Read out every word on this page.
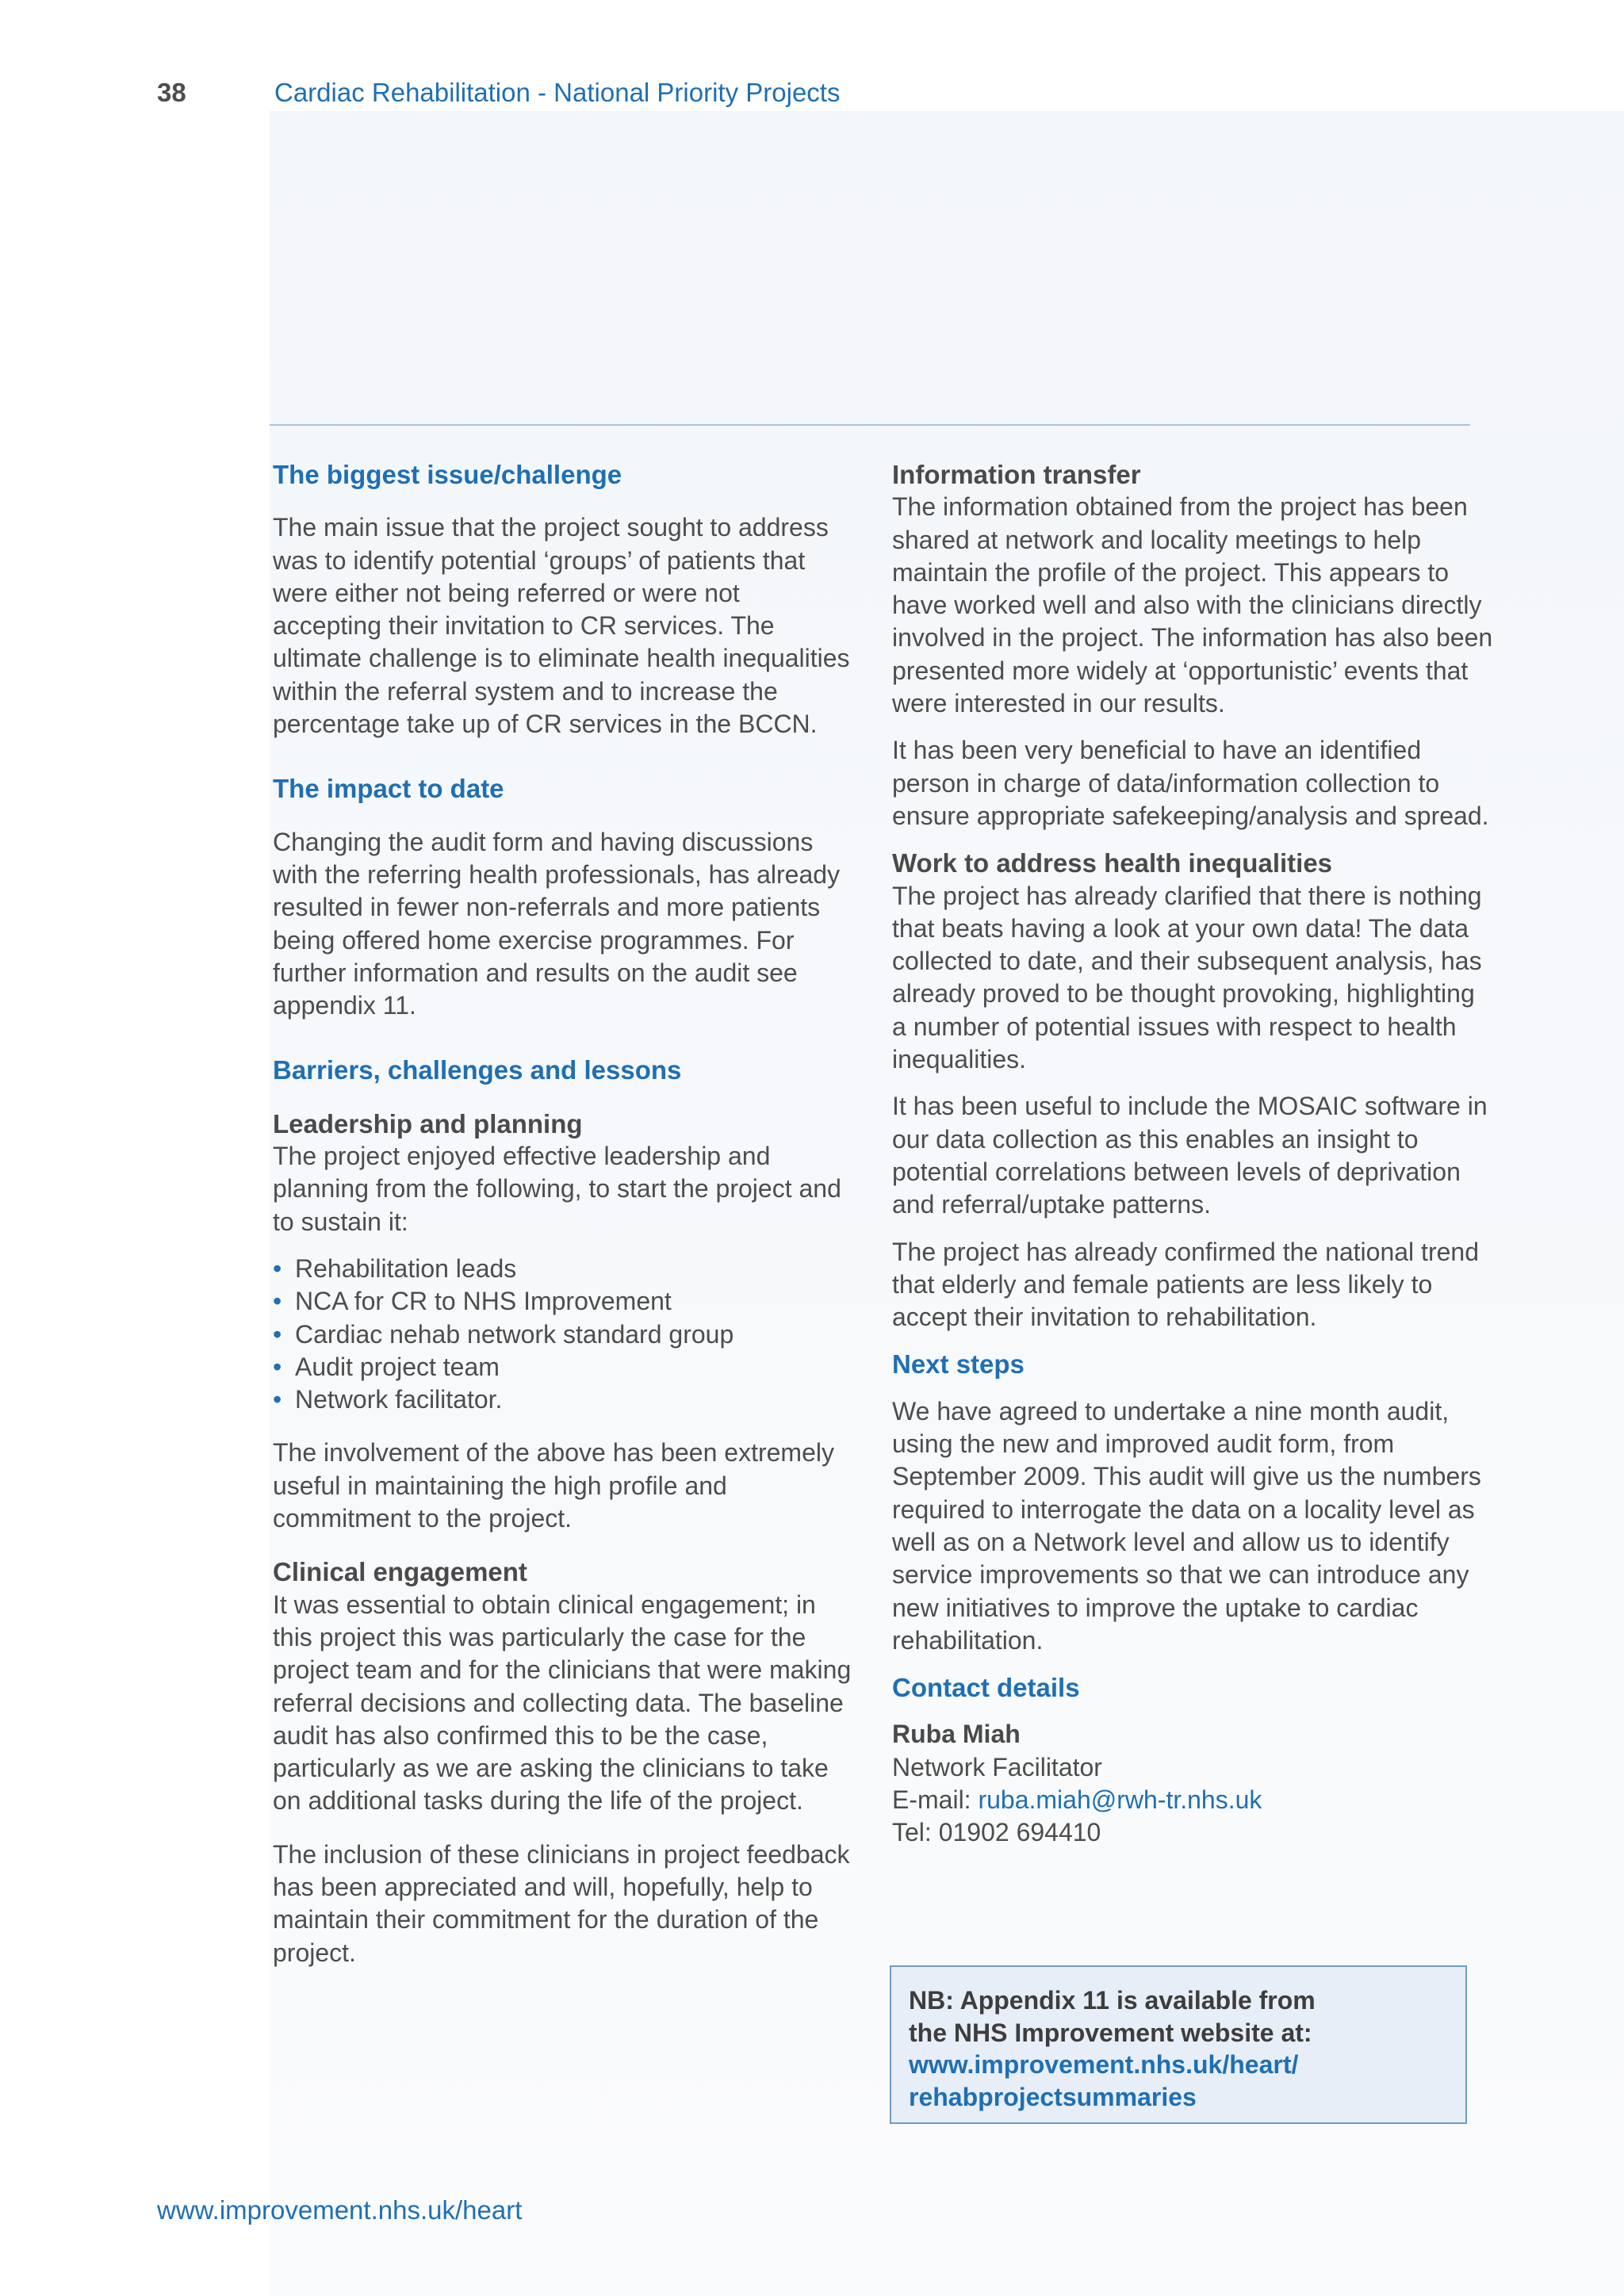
38	Cardiac Rehabilitation - National Priority Projects

The biggest issue/challenge

The main issue that the project sought to address was to identify potential ‘groups’ of patients that were either not being referred or were not accepting their invitation to CR services. The ultimate challenge is to eliminate health inequalities within the referral system and to increase the percentage take up of CR services in the BCCN.

The impact to date

Changing the audit form and having discussions with the referring health professionals, has already resulted in fewer non-referrals and more patients being offered home exercise programmes. For further information and results on the audit see appendix 11.

Barriers, challenges and lessons

Leadership and planning

The project enjoyed effective leadership and planning from the following, to start the project and to sustain it:

• Rehabilitation leads
• NCA for CR to NHS Improvement
• Cardiac nehab network standard group
• Audit project team
• Network facilitator.

The involvement of the above has been extremely useful in maintaining the high profile and commitment to the project.

Clinical engagement

It was essential to obtain clinical engagement; in this project this was particularly the case for the project team and for the clinicians that were making referral decisions and collecting data. The baseline audit has also confirmed this to be the case, particularly as we are asking the clinicians to take on additional tasks during the life of the project.

The inclusion of these clinicians in project feedback has been appreciated and will, hopefully, help to maintain their commitment for the duration of the project.

Information transfer

The information obtained from the project has been shared at network and locality meetings to help maintain the profile of the project. This appears to have worked well and also with the clinicians directly involved in the project. The information has also been presented more widely at ‘opportunistic’ events that were interested in our results.

It has been very beneficial to have an identified person in charge of data/information collection to ensure appropriate safekeeping/analysis and spread.

Work to address health inequalities

The project has already clarified that there is nothing that beats having a look at your own data! The data collected to date, and their subsequent analysis, has already proved to be thought provoking, highlighting a number of potential issues with respect to health inequalities.

It has been useful to include the MOSAIC software in our data collection as this enables an insight to potential correlations between levels of deprivation and referral/uptake patterns.

The project has already confirmed the national trend that elderly and female patients are less likely to accept their invitation to rehabilitation.

Next steps

We have agreed to undertake a nine month audit, using the new and improved audit form, from September 2009. This audit will give us the numbers required to interrogate the data on a locality level as well as on a Network level and allow us to identify service improvements so that we can introduce any new initiatives to improve the uptake to cardiac rehabilitation.

Contact details

Ruba Miah

Network Facilitator

E-mail: ruba.miah@rwh-tr.nhs.uk

Tel: 01902 694410

NB: Appendix 11 is available from
the NHS Improvement website at:
www.improvement.nhs.uk/heart/
rehabprojectsummaries
www.improvement.nhs.uk/heart
